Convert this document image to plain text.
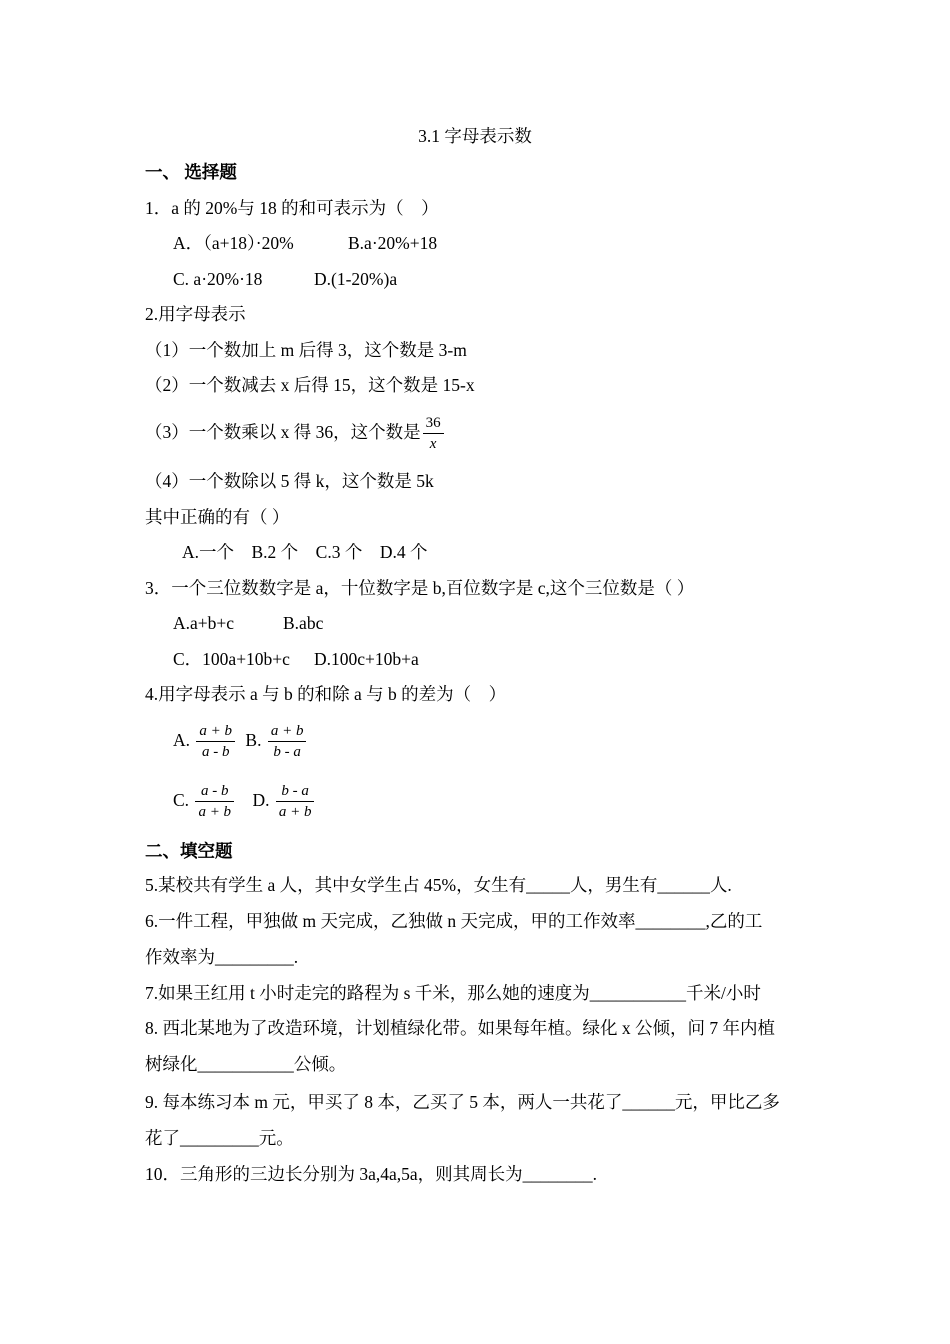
3.1 字母表示数
一、 选择题
1．a 的 20%与 18 的和可表示为（　）
A．（a+18）·20%	B.a·20%+18
C. a·20%·18	D.(1-20%)a
2.用字母表示
（1）一个数加上 m 后得 3，这个数是 3-m
（2）一个数减去 x 后得 15，这个数是 15-x
（3）一个数乘以 x 得 36，这个数是 $\frac{36}{x}$
（4）一个数除以 5 得 k，这个数是 5k
其中正确的有（ ）
A.一个　B.2 个　C.3 个　D.4 个
3．一个三位数数字是 a，十位数字是 b,百位数字是 c,这个三位数是（ ）
A.a+b+c	B.abc
C．100a+10b+c D.100c+10b+a
4.用字母表示 a 与 b 的和除 a 与 b 的差为（　）
A. $\frac{a + b}{a - b} B$. $\frac{a + b}{b - a}$
C. $\frac{a - b}{a + b} D$. $\frac{b - a}{a + b}$
二、填空题
5.某校共有学生 a 人，其中女学生占 45%，女生有_____人，男生有______人.
6.一件工程，甲独做 m 天完成，乙独做 n 天完成，甲的工作效率________,乙的工
作效率为_________.
7.如果王红用 t 小时走完的路程为 s 千米，那么她的速度为___________千米/小时
8. 西北某地为了改造环境，计划植绿化带。如果每年植。绿化 x 公倾，问 7 年内植
树绿化___________公倾。
9. 每本练习本 m 元，甲买了 8 本，乙买了 5 本，两人一共花了______元，甲比乙多
花了_________元。
10．三角形的三边长分别为 3a,4a,5a，则其周长为________.
